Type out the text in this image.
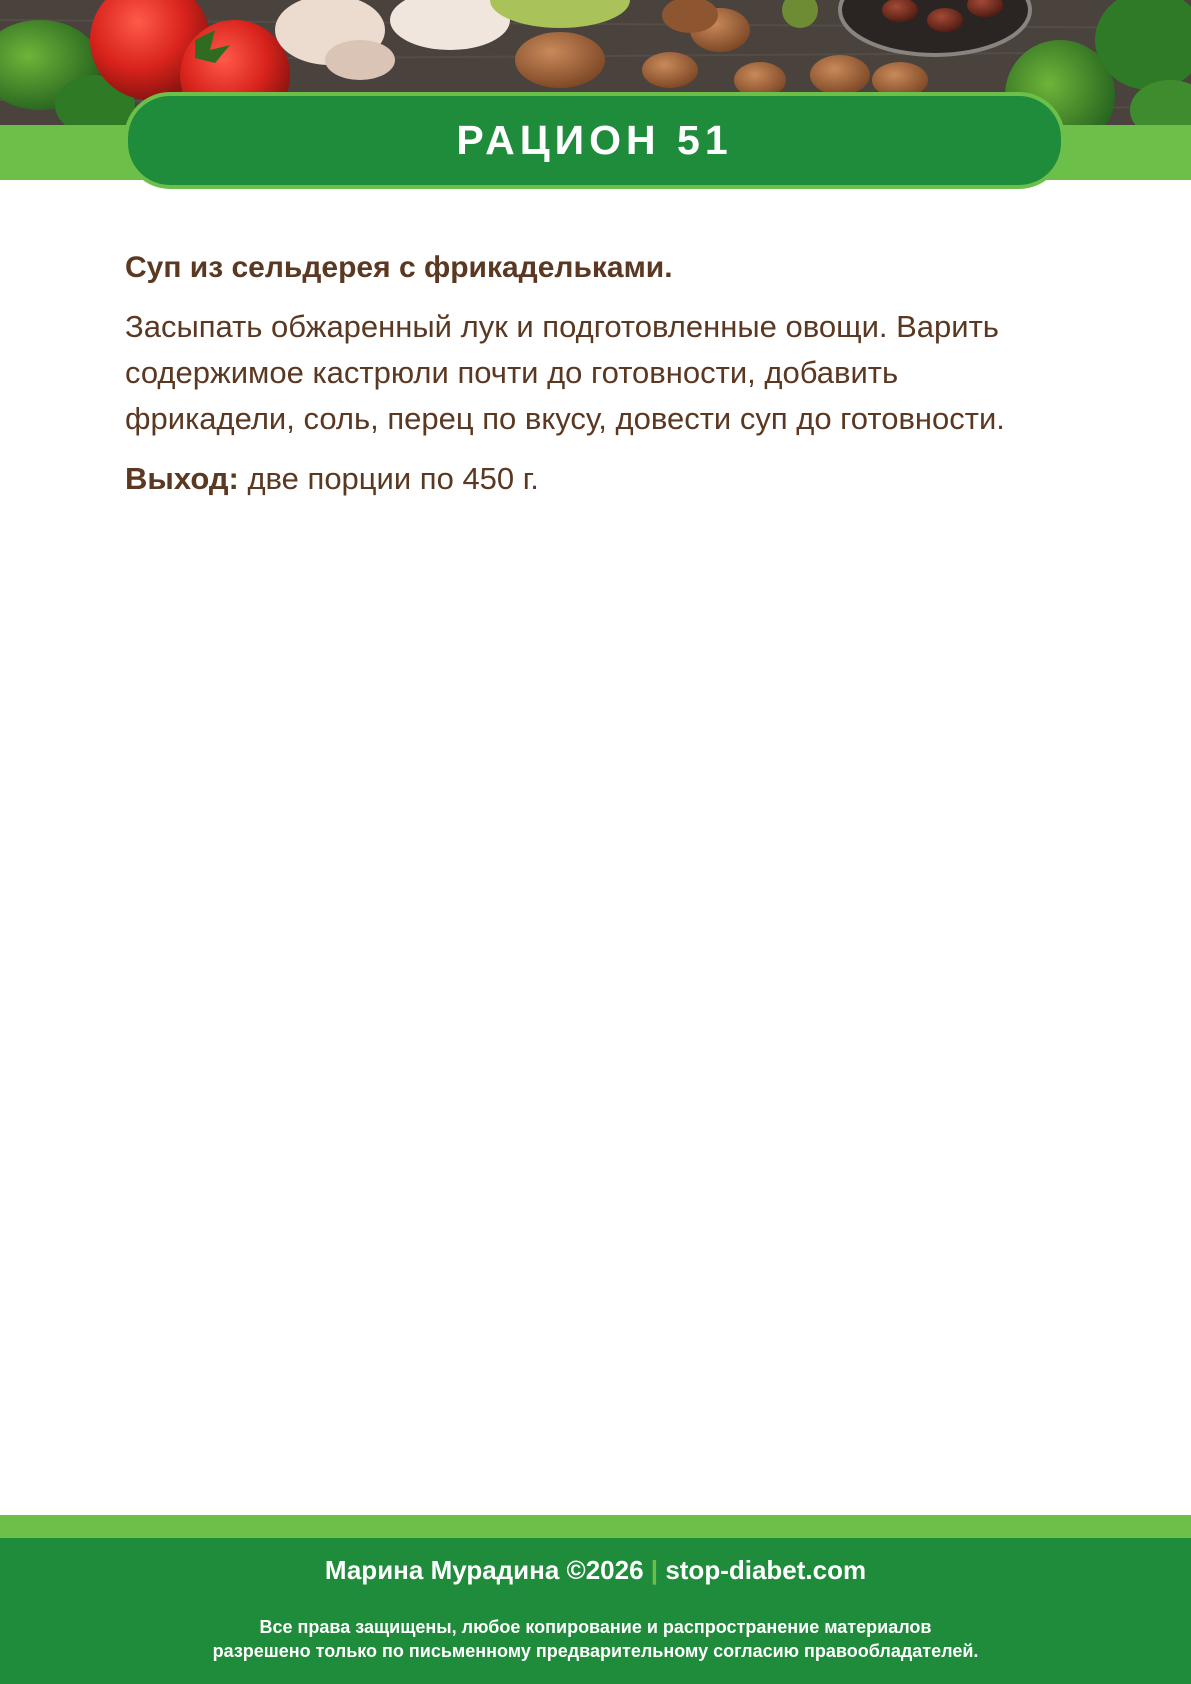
РАЦИОН 51

Суп из сельдерея с фрикадельками.

Засыпать обжаренный лук и подготовленные овощи. Варить содержимое кастрюли почти до готовности, добавить фрикадели, соль, перец по вкусу, довести суп до готовности.

Выход: две порции по 450 г.

Марина Мурадина ©2026 | stop-diabet.com
Все права защищены, любое копирование и распространение материалов
разрешено только по письменному предварительному согласию правообладателей.
